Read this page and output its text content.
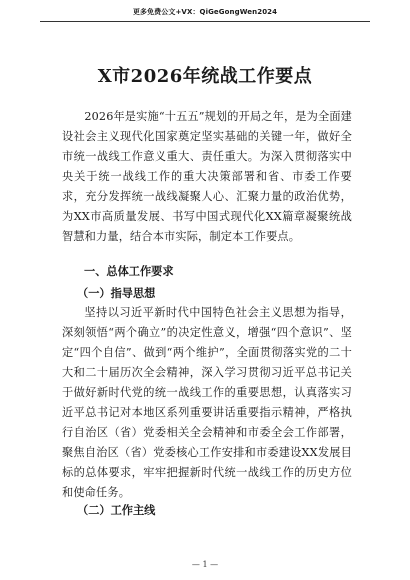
更多免费公文+VX：QiGeGongWen2024
X市2026年统战工作要点
2026年是实施“十五五”规划的开局之年，是为全面建设社会主义现代化国家奠定坚实基础的关键一年，做好全市统一战线工作意义重大、责任重大。为深入贯彻落实中央关于统一战线工作的重大决策部署和省、市委工作要求，充分发挥统一战线凝聚人心、汇聚力量的政治优势，为XX市高质量发展、书写中国式现代化XX篇章凝聚统战智慧和力量，结合本市实际，制定本工作要点。
一、总体工作要求
（一）指导思想
坚持以习近平新时代中国特色社会主义思想为指导，深刻领悟“两个确立”的决定性意义，增强“四个意识”、坚定“四个自信”、做到“两个维护”，全面贯彻落实党的二十大和二十届历次全会精神，深入学习贯彻习近平总书记关于做好新时代党的统一战线工作的重要思想，认真落实习近平总书记对本地区系列重要讲话重要指示精神，严格执行自治区（省）党委相关全会精神和市委全会工作部署，聚焦自治区（省）党委核心工作安排和市委建设XX发展目标的总体要求，牢牢把握新时代统一战线工作的历史方位和使命任务。
（二）工作主线
— 1 —
